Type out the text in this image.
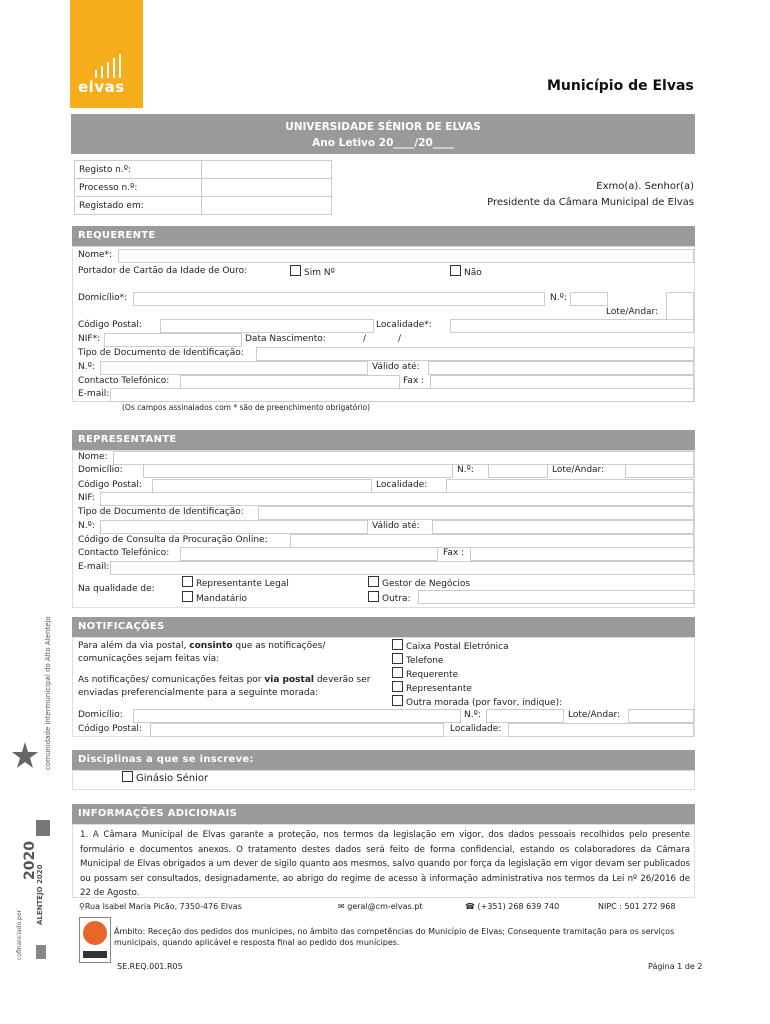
elvas	Município de Elvas
UNIVERSIDADE SÉNIOR DE ELVAS
Ano Letivo 20____/20____
Registo n.º:	
Processo n.º:	
Registado em:	
Exmo(a). Senhor(a)
Presidente da Câmara Municipal de Elvas
REQUERENTE
Nome*:
Portador de Cartão da Idade de Ouro:	Sim Nº	Não
Domicílio*:	N.º:
Lote/Andar:
Código Postal:	Localidade*:
NIF*:	Data Nascimento:	/	/
Tipo de Documento de Identificação:
N.º:	Válido até:
Contacto Telefónico:	Fax :
E-mail:
(Os campos assinalados com * são de preenchimento obrigatório)
REPRESENTANTE
Nome:
Domicílio:	N.º:	Lote/Andar:
Código Postal:	Localidade:
NIF:
Tipo de Documento de Identificação:
N.º:	Válido até:
Código de Consulta da Procuração Online:
Contacto Telefónico:	Fax :
E-mail:
Na qualidade de:	Representante Legal
Mandatário
Gestor de Negócios
Outra:
NOTIFICAÇÕES
Para além da via postal, consinto que as notificações/
comunicações sejam feitas via:
Caixa Postal Eletrónica
Telefone
As notificações/ comunicações feitas por via postal deverão ser
enviadas preferencialmente para a seguinte morada:
Requerente
Representante
Outra morada (por favor, indique):
Domicílio:	N.º:	Lote/Andar:
Código Postal:	Localidade:
Disciplinas a que se inscreve:
Ginásio Sénior
INFORMAÇÕES ADICIONAIS
1. A Câmara Municipal de Elvas garante a proteção, nos termos da legislação em vigor, dos dados pessoais recolhidos pelo presente formulário e documentos anexos. O tratamento destes dados será feito de forma confidencial, estando os colaboradores da Câmara Municipal de Elvas obrigados a um dever de sigilo quanto aos mesmos, salvo quando por força da legislação em vigor devam ser publicados ou possam ser consultados, designadamente, ao abrigo do regime de acesso à informação administrativa nos termos da Lei nº 26/2016 de 22 de Agosto.
⚲Rua Isabel Maria Picão, 7350-476 Elvas	✉ geral@cm-elvas.pt	☎ (+351) 268 639 740	NIPC : 501 272 968
Âmbito: Receção dos pedidos dos munícipes, no âmbito das competências do Município de Elvas; Consequente tramitação para os serviços municipais, quando aplicável e resposta final ao pedido dos munícipes.
SE.REQ.001.R05	Página 1 de 2
comunidade intermunicipal do Alto Alentejo
2020
ALENTEJO 2020
cofinanciado por
